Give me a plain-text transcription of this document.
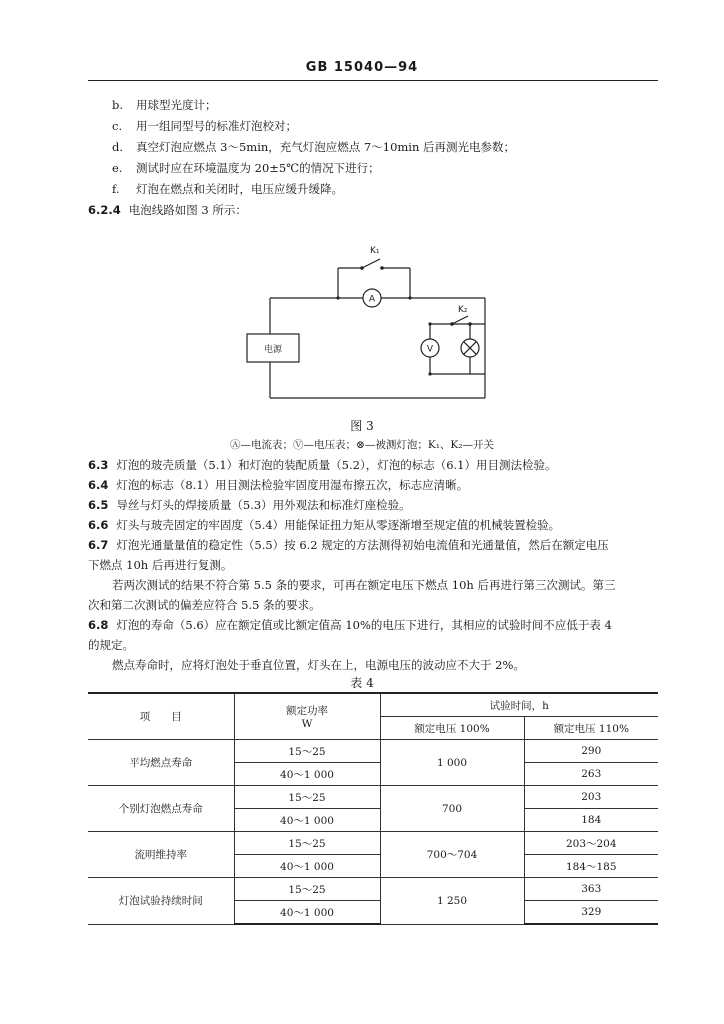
GB 15040—94
b. 用球型光度计；
c. 用一组同型号的标准灯泡校对；
d. 真空灯泡应燃点 3～5min，充气灯泡应燃点 7～10min 后再测光电参数；
e. 测试时应在环境温度为 20±5℃的情况下进行；
f. 灯泡在燃点和关闭时，电压应缓升缓降。
6.2.4 电泡线路如图 3 所示：
K₁
K₂
A
V
电源
图 3
Ⓐ—电流表；Ⓥ—电压表；⊗—被测灯泡；K₁、K₂—开关
6.3 灯泡的玻壳质量（5.1）和灯泡的装配质量（5.2），灯泡的标志（6.1）用目测法检验。
6.4 灯泡的标志（8.1）用目测法检验牢固度用湿布擦五次，标志应清晰。
6.5 导丝与灯头的焊接质量（5.3）用外观法和标准灯座检验。
6.6 灯头与玻壳固定的牢固度（5.4）用能保证扭力矩从零逐渐增至规定值的机械装置检验。
6.7 灯泡光通量量值的稳定性（5.5）按 6.2 规定的方法测得初始电流值和光通量值，然后在额定电压
下燃点 10h 后再进行复测。
若两次测试的结果不符合第 5.5 条的要求，可再在额定电压下燃点 10h 后再进行第三次测试。第三
次和第二次测试的偏差应符合 5.5 条的要求。
6.8 灯泡的寿命（5.6）应在额定值或比额定值高 10%的电压下进行，其相应的试验时间不应低于表 4
的规定。
燃点寿命时，应将灯泡处于垂直位置，灯头在上，电源电压的波动应不大于 2%。
表 4
项　　目	额定功率
W	试验时间，h	
		额定电压 100%	额定电压 110%
平均燃点寿命	15～25	1 000	290
	40～1 000		263
个别灯泡燃点寿命	15～25	700	203
	40～1 000		184
流明维持率	15～25	700～704	203～204
	40～1 000		184～185
灯泡试验持续时间	15～25	1 250	363
	40～1 000		329
